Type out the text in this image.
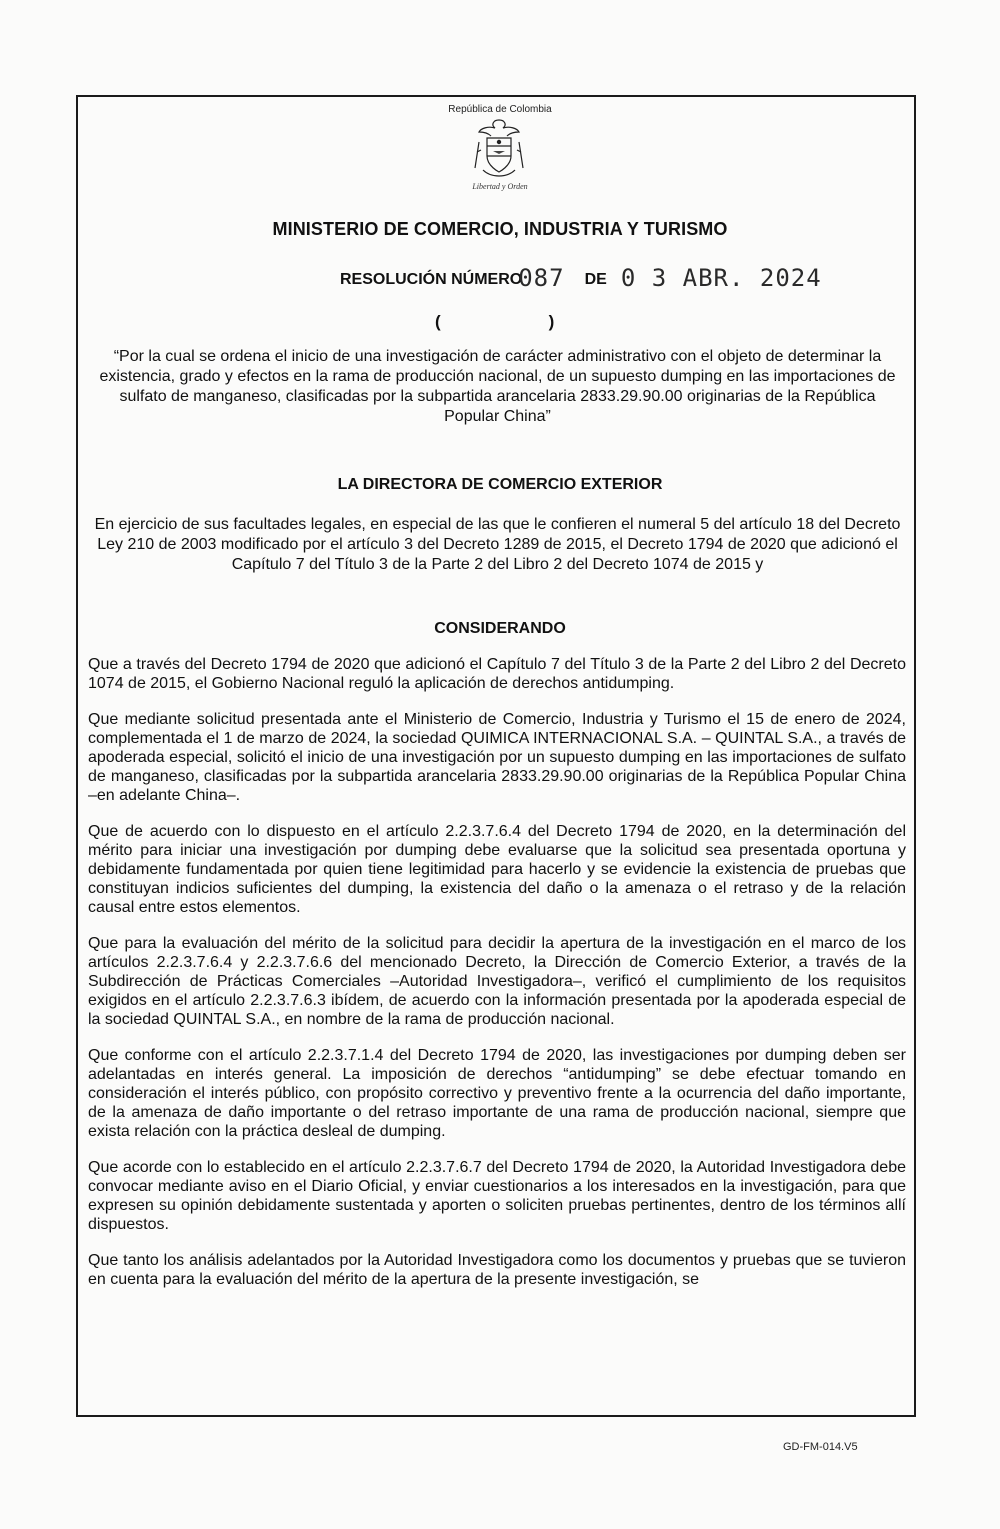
República de Colombia
Libertad y Orden
MINISTERIO DE COMERCIO, INDUSTRIA Y TURISMO
RESOLUCIÓN NÚMERO087 DE 0 3 ABR. 2024
(	)
“Por la cual se ordena el inicio de una investigación de carácter administrativo con el objeto de determinar la existencia, grado y efectos en la rama de producción nacional, de un supuesto dumping en las importaciones de sulfato de manganeso, clasificadas por la subpartida arancelaria 2833.29.90.00 originarias de la República Popular China”
LA DIRECTORA DE COMERCIO EXTERIOR
En ejercicio de sus facultades legales, en especial de las que le confieren el numeral 5 del artículo 18 del Decreto Ley 210 de 2003 modificado por el artículo 3 del Decreto 1289 de 2015, el Decreto 1794 de 2020 que adicionó el Capítulo 7 del Título 3 de la Parte 2 del Libro 2 del Decreto 1074 de 2015 y
CONSIDERANDO

Que a través del Decreto 1794 de 2020 que adicionó el Capítulo 7 del Título 3 de la Parte 2 del Libro 2 del Decreto 1074 de 2015, el Gobierno Nacional reguló la aplicación de derechos antidumping.

Que mediante solicitud presentada ante el Ministerio de Comercio, Industria y Turismo el 15 de enero de 2024, complementada el 1 de marzo de 2024, la sociedad QUIMICA INTERNACIONAL S.A. – QUINTAL S.A., a través de apoderada especial, solicitó el inicio de una investigación por un supuesto dumping en las importaciones de sulfato de manganeso, clasificadas por la subpartida arancelaria 2833.29.90.00 originarias de la República Popular China –en adelante China–.

Que de acuerdo con lo dispuesto en el artículo 2.2.3.7.6.4 del Decreto 1794 de 2020, en la determinación del mérito para iniciar una investigación por dumping debe evaluarse que la solicitud sea presentada oportuna y debidamente fundamentada por quien tiene legitimidad para hacerlo y se evidencie la existencia de pruebas que constituyan indicios suficientes del dumping, la existencia del daño o la amenaza o el retraso y de la relación causal entre estos elementos.

Que para la evaluación del mérito de la solicitud para decidir la apertura de la investigación en el marco de los artículos 2.2.3.7.6.4 y 2.2.3.7.6.6 del mencionado Decreto, la Dirección de Comercio Exterior, a través de la Subdirección de Prácticas Comerciales –Autoridad Investigadora–, verificó el cumplimiento de los requisitos exigidos en el artículo 2.2.3.7.6.3 ibídem, de acuerdo con la información presentada por la apoderada especial de la sociedad QUINTAL S.A., en nombre de la rama de producción nacional.

Que conforme con el artículo 2.2.3.7.1.4 del Decreto 1794 de 2020, las investigaciones por dumping deben ser adelantadas en interés general. La imposición de derechos “antidumping” se debe efectuar tomando en consideración el interés público, con propósito correctivo y preventivo frente a la ocurrencia del daño importante, de la amenaza de daño importante o del retraso importante de una rama de producción nacional, siempre que exista relación con la práctica desleal de dumping.

Que acorde con lo establecido en el artículo 2.2.3.7.6.7 del Decreto 1794 de 2020, la Autoridad Investigadora debe convocar mediante aviso en el Diario Oficial, y enviar cuestionarios a los interesados en la investigación, para que expresen su opinión debidamente sustentada y aporten o soliciten pruebas pertinentes, dentro de los términos allí dispuestos.

Que tanto los análisis adelantados por la Autoridad Investigadora como los documentos y pruebas que se tuvieron en cuenta para la evaluación del mérito de la apertura de la presente investigación, se

GD-FM-014.V5
